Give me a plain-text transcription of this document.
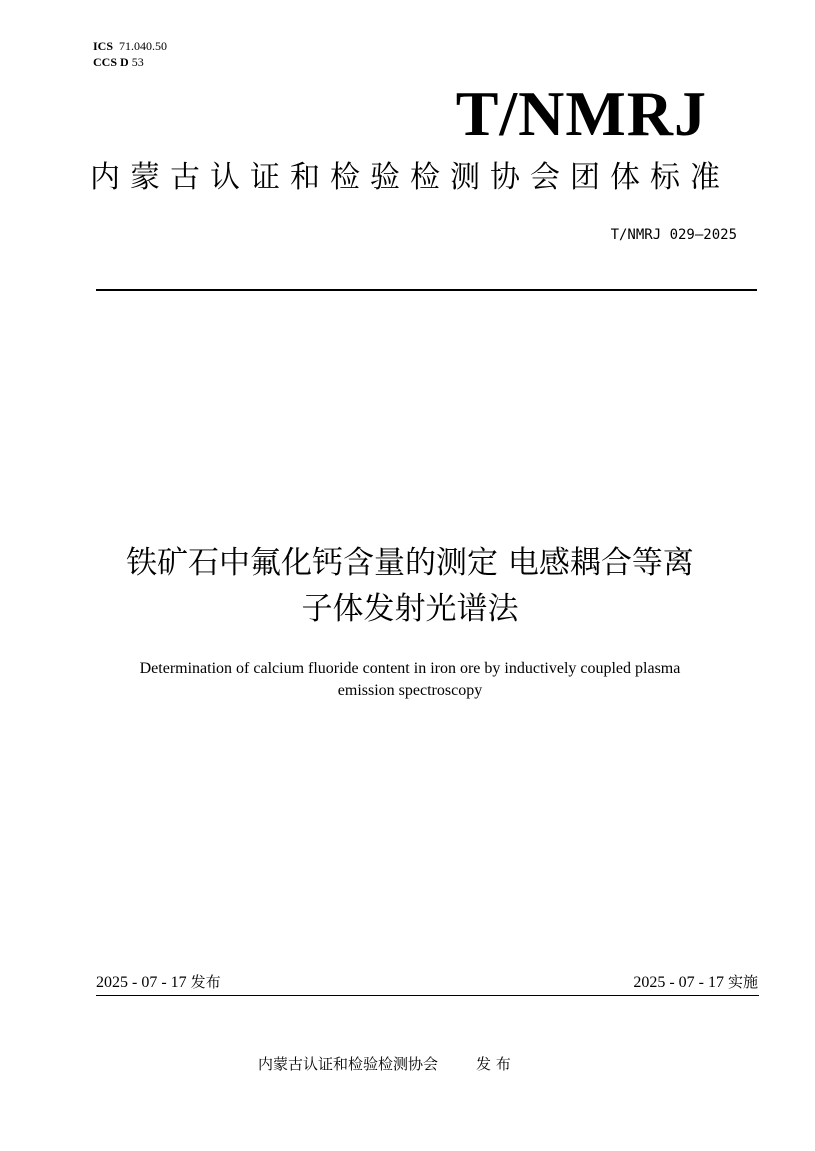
ICS 71.040.50
CCS D 53
T/NMRJ
内蒙古认证和检验检测协会团体标准
T/NMRJ 029—2025
铁矿石中氟化钙含量的测定 电感耦合等离
子体发射光谱法
Determination of calcium fluoride content in iron ore by inductively coupled plasma
emission spectroscopy
2025 - 07 - 17 发布	2025 - 07 - 17 实施
内蒙古认证和检验检测协会	发 布
